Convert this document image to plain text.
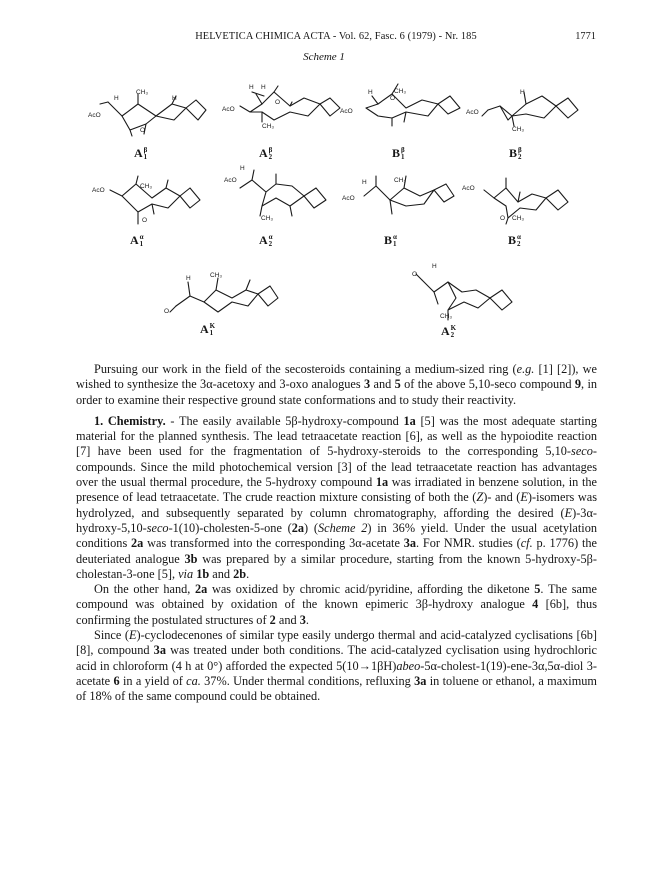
HELVETICA CHIMICA ACTA - Vol. 62, Fasc. 6 (1979) - Nr. 185	1771
Scheme 1
AcO
CH₃
H	H
O
AcO
H H
O
CH₃
AcO
CH₃
H
O
AcO
CH₃
H
AcO
CH₃
O
AcO
CH₃
H
AcO
CH₃
H
AcO
CH₃
O
O
CH₃
H
O
CH₃
H
A β
1	A β
2	B β
1	B β
2
A α
1	A α
2	B α
1	B α
2
A K
1	A K
2

Pursuing our work in the field of the secosteroids containing a medium-sized ring (e.g. [1] [2]), we wished to synthesize the 3α-acetoxy and 3-oxo analogues 3 and 5 of the above 5,10-seco compound 9, in order to examine their respective ground state conformations and to study their reactivity.

1. Chemistry. - The easily available 5β-hydroxy-compound 1a [5] was the most adequate starting material for the planned synthesis. The lead tetraacetate reaction [6], as well as the hypoiodite reaction [7] have been used for the fragmentation of 5-hydroxy-steroids to the corresponding 5,10-seco-compounds. Since the mild photochemical version [3] of the lead tetraacetate reaction has advantages over the usual thermal procedure, the 5-hydroxy compound 1a was irradiated in benzene solution, in the presence of lead tetraacetate. The crude reaction mixture consisting of both the (Z)- and (E)-isomers was hydrolyzed, and subsequently separated by column chromatography, affording the desired (E)-3α-hydroxy-5,10-seco-1(10)-cholesten-5-one (2a) (Scheme 2) in 36% yield. Under the usual acetylation conditions 2a was transformed into the corresponding 3α-acetate 3a. For NMR. studies (cf. p. 1776) the deuteriated analogue 3b was prepared by a similar procedure, starting from the known 5-hydroxy-5β-cholestan-3-one [5], via 1b and 2b.

On the other hand, 2a was oxidized by chromic acid/pyridine, affording the diketone 5. The same compound was obtained by oxidation of the known epimeric 3β-hydroxy analogue 4 [6b], thus confirming the postulated structures of 2 and 3.

Since (E)-cyclodecenones of similar type easily undergo thermal and acid-catalyzed cyclisations [6b] [8], compound 3a was treated under both conditions. The acid-catalyzed cyclisation using hydrochloric acid in chloroform (4 h at 0°) afforded the expected 5(10→1βH)abeo-5α-cholest-1(19)-ene-3α,5α-diol 3-acetate 6 in a yield of ca. 37%. Under thermal conditions, refluxing 3a in toluene or ethanol, a maximum of 18% of the same compound could be obtained.
